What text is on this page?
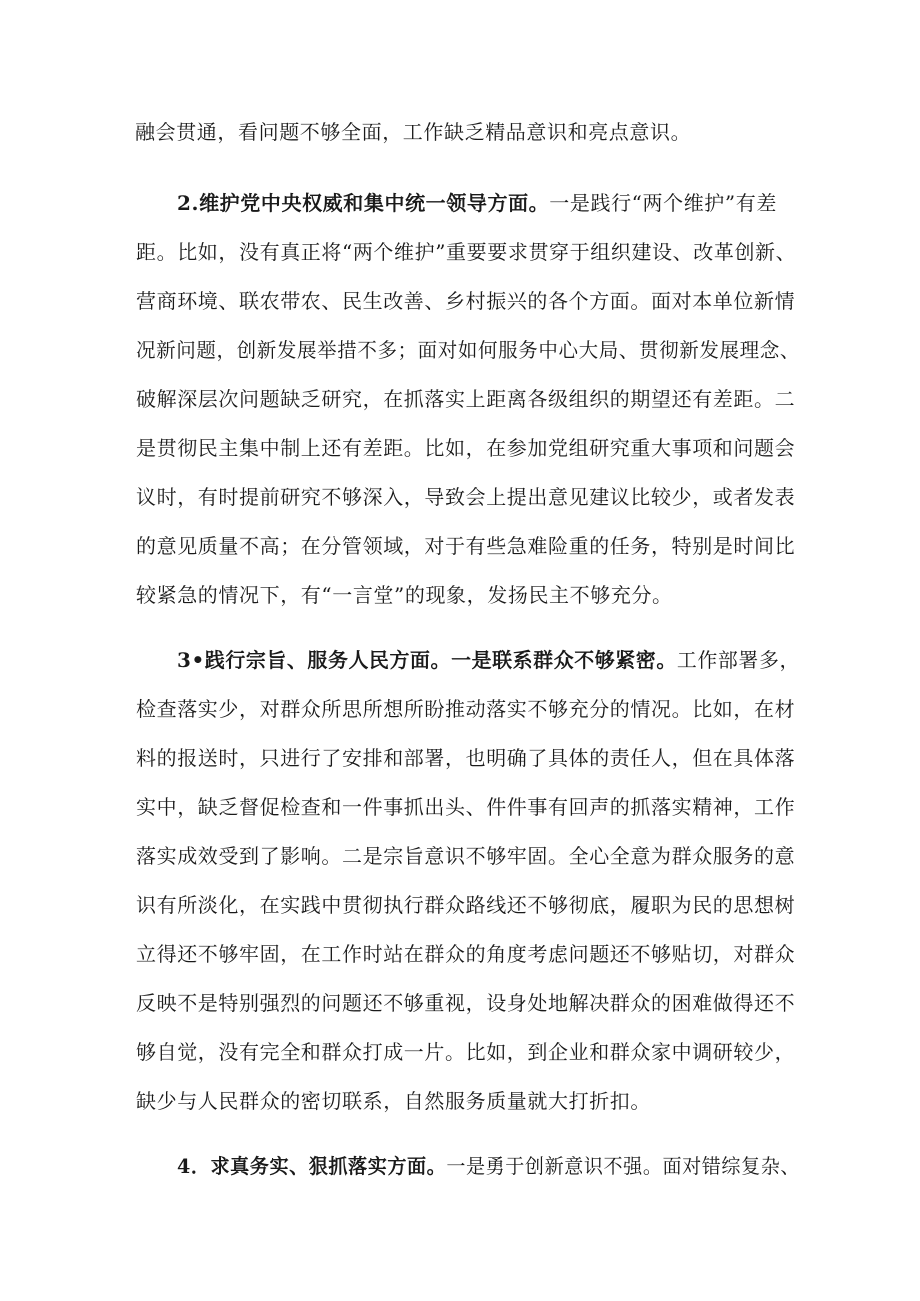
融会贯通，看问题不够全面，工作缺乏精品意识和亮点意识。
2.维护党中央权威和集中统一领导方面。一是践行“两个维护”有差
距。比如，没有真正将“两个维护”重要要求贯穿于组织建设、改革创新、
营商环境、联农带农、民生改善、乡村振兴的各个方面。面对本单位新情
况新问题，创新发展举措不多；面对如何服务中心大局、贯彻新发展理念、
破解深层次问题缺乏研究，在抓落实上距离各级组织的期望还有差距。二
是贯彻民主集中制上还有差距。比如，在参加党组研究重大事项和问题会
议时，有时提前研究不够深入，导致会上提出意见建议比较少，或者发表
的意见质量不高；在分管领域，对于有些急难险重的任务，特别是时间比
较紧急的情况下，有“一言堂”的现象，发扬民主不够充分。
3•践行宗旨、服务人民方面。一是联系群众不够紧密。工作部署多，
检查落实少，对群众所思所想所盼推动落实不够充分的情况。比如，在材
料的报送时，只进行了安排和部署，也明确了具体的责任人，但在具体落
实中，缺乏督促检查和一件事抓出头、件件事有回声的抓落实精神，工作
落实成效受到了影响。二是宗旨意识不够牢固。全心全意为群众服务的意
识有所淡化，在实践中贯彻执行群众路线还不够彻底，履职为民的思想树
立得还不够牢固，在工作时站在群众的角度考虑问题还不够贴切，对群众
反映不是特别强烈的问题还不够重视，设身处地解决群众的困难做得还不
够自觉，没有完全和群众打成一片。比如，到企业和群众家中调研较少，
缺少与人民群众的密切联系，自然服务质量就大打折扣。
4．求真务实、狠抓落实方面。一是勇于创新意识不强。面对错综复杂、
